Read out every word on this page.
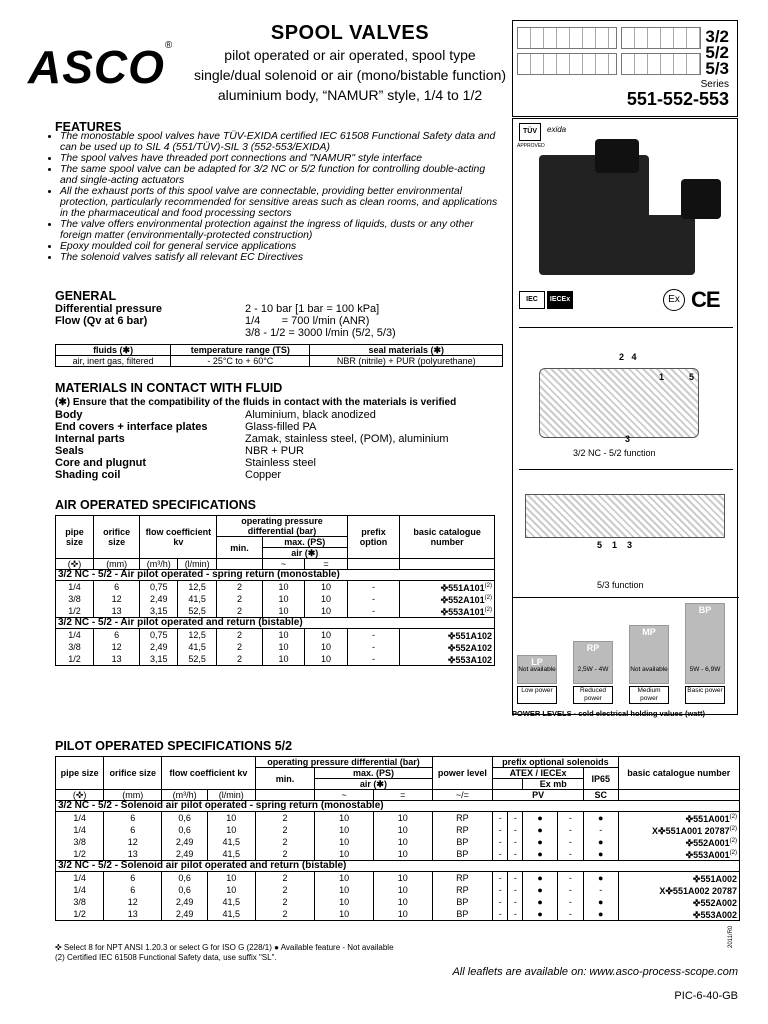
ASCO®
SPOOL VALVES
pilot operated or air operated, spool type
single/dual solenoid or air (mono/bistable function)
aluminium body, “NAMUR” style, 1/4 to 1/2
3/2
5/2
5/3
Series
551-552-553
FEATURES
• The monostable spool valves have TÜV-EXIDA certified IEC 61508 Functional Safety data and can be used up to SIL 4 (551/TÜV)-SIL 3 (552-553/EXIDA)
• The spool valves have threaded port connections and "NAMUR" style interface
• The same spool valve can be adapted for 3/2 NC or 5/2 function for controlling double-acting and single-acting actuators
• All the exhaust ports of this spool valve are connectable, providing better environmental protection, particularly recommended for sensitive areas such as clean rooms, and applications in the pharmaceutical and food processing sectors
• The valve offers environmental protection against the ingress of liquids, dusts or any other foreign matter (environmentally-protected construction)
• Epoxy moulded coil for general service applications
• The solenoid valves satisfy all relevant EC Directives
GENERAL
Differential pressure	2 - 10 bar [1 bar = 100 kPa]
Flow (Qv at 6 bar)	1/4       = 700 l/min (ANR)
3/8 - 1/2 = 3000 l/min (5/2, 5/3)
fluids (✱)	temperature range (TS)	seal materials (✱)
air, inert gas, filtered	- 25°C to + 60°C	NBR (nitrile) + PUR (polyurethane)
MATERIALS IN CONTACT WITH FLUID
(✱) Ensure that the compatibility of the fluids in contact with the materials is verified
Body	Aluminium, black anodized
End covers + interface plates	Glass-filled PA
Internal parts	Zamak, stainless steel, (POM), aluminium
Seals	NBR + PUR
Core and plugnut	Stainless steel
Shading coil	Copper
AIR OPERATED SPECIFICATIONS
pipe size	orifice size	flow coefficient kv		operating pressure differential (bar)			prefix option	basic catalogue number
				min.	max. (PS)			
					air (✱)			
(✜)	(mm)	(m³/h)	(l/min)		~	=		
3/2 NC - 5/2 - Air pilot operated - spring return (monostable)								
1/4	6	0,75	12,5	2	10	10	-	✜551A101$^{(2)}$
3/8	12	2,49	41,5	2	10	10	-	✜552A101$^{(2)}$
1/2	13	3,15	52,5	2	10	10	-	✜553A101$^{(2)}$
3/2 NC - 5/2 - Air pilot operated and return (bistable)								
1/4	6	0,75	12,5	2	10	10	-	✜551A102
3/8	12	2,49	41,5	2	10	10	-	✜552A102
1/2	13	3,15	52,5	2	10	10	-	✜553A102
PILOT OPERATED SPECIFICATIONS 5/2
pipe size	orifice size	flow coefficient kv		operating pressure differential (bar)			power level	prefix optional solenoids					basic catalogue number
				min.	max. (PS)			ATEX / IECEx				IP65	
					air (✱)					Ex mb			
(✜)	(mm)	(m³/h)	(l/min)		~	=	~/=	PV				SC	
3/2 NC - 5/2 - Solenoid air pilot operated - spring return (monostable)													
1/4	6	0,6	10	2	10	10	RP	-	-	●	-	●	✜551A001$^{(2)}$
1/4	6	0,6	10	2	10	10	RP	-	-	●	-	-	X✜551A001 20787$^{(2)}$
3/8	12	2,49	41,5	2	10	10	BP	-	-	●	-	●	✜552A001$^{(2)}$
1/2	13	2,49	41,5	2	10	10	BP	-	-	●	-	●	✜553A001$^{(2)}$
3/2 NC - 5/2 - Solenoid air pilot operated and return (bistable)													
1/4	6	0,6	10	2	10	10	RP	-	-	●	-	●	✜551A002
1/4	6	0,6	10	2	10	10	RP	-	-	●	-	-	X✜551A002 20787
3/8	12	2,49	41,5	2	10	10	BP	-	-	●	-	●	✜552A002
1/2	13	2,49	41,5	2	10	10	BP	-	-	●	-	●	✜553A002
TÜV	exida
APPROVED
IEC	IECEx	Ex CE
2   4
1	5
3
3/2 NC - 5/2 function
5    1    3
5/3 function
LP
Not available
Low power
RP
2,5W - 4W
Reduced power
MP
Not available
Medium power
BP
5W - 6,9W
Basic power
POWER LEVELS - cold electrical holding values (watt)
✜ Select 8 for NPT ANSI 1.20.3 or select G for ISO G (228/1) ● Available feature - Not available
(2) Certified IEC 61508 Functional Safety data, use suffix "SL".
2011/R0
All leaflets are available on: www.asco-process-scope.com
PIC-6-40-GB
